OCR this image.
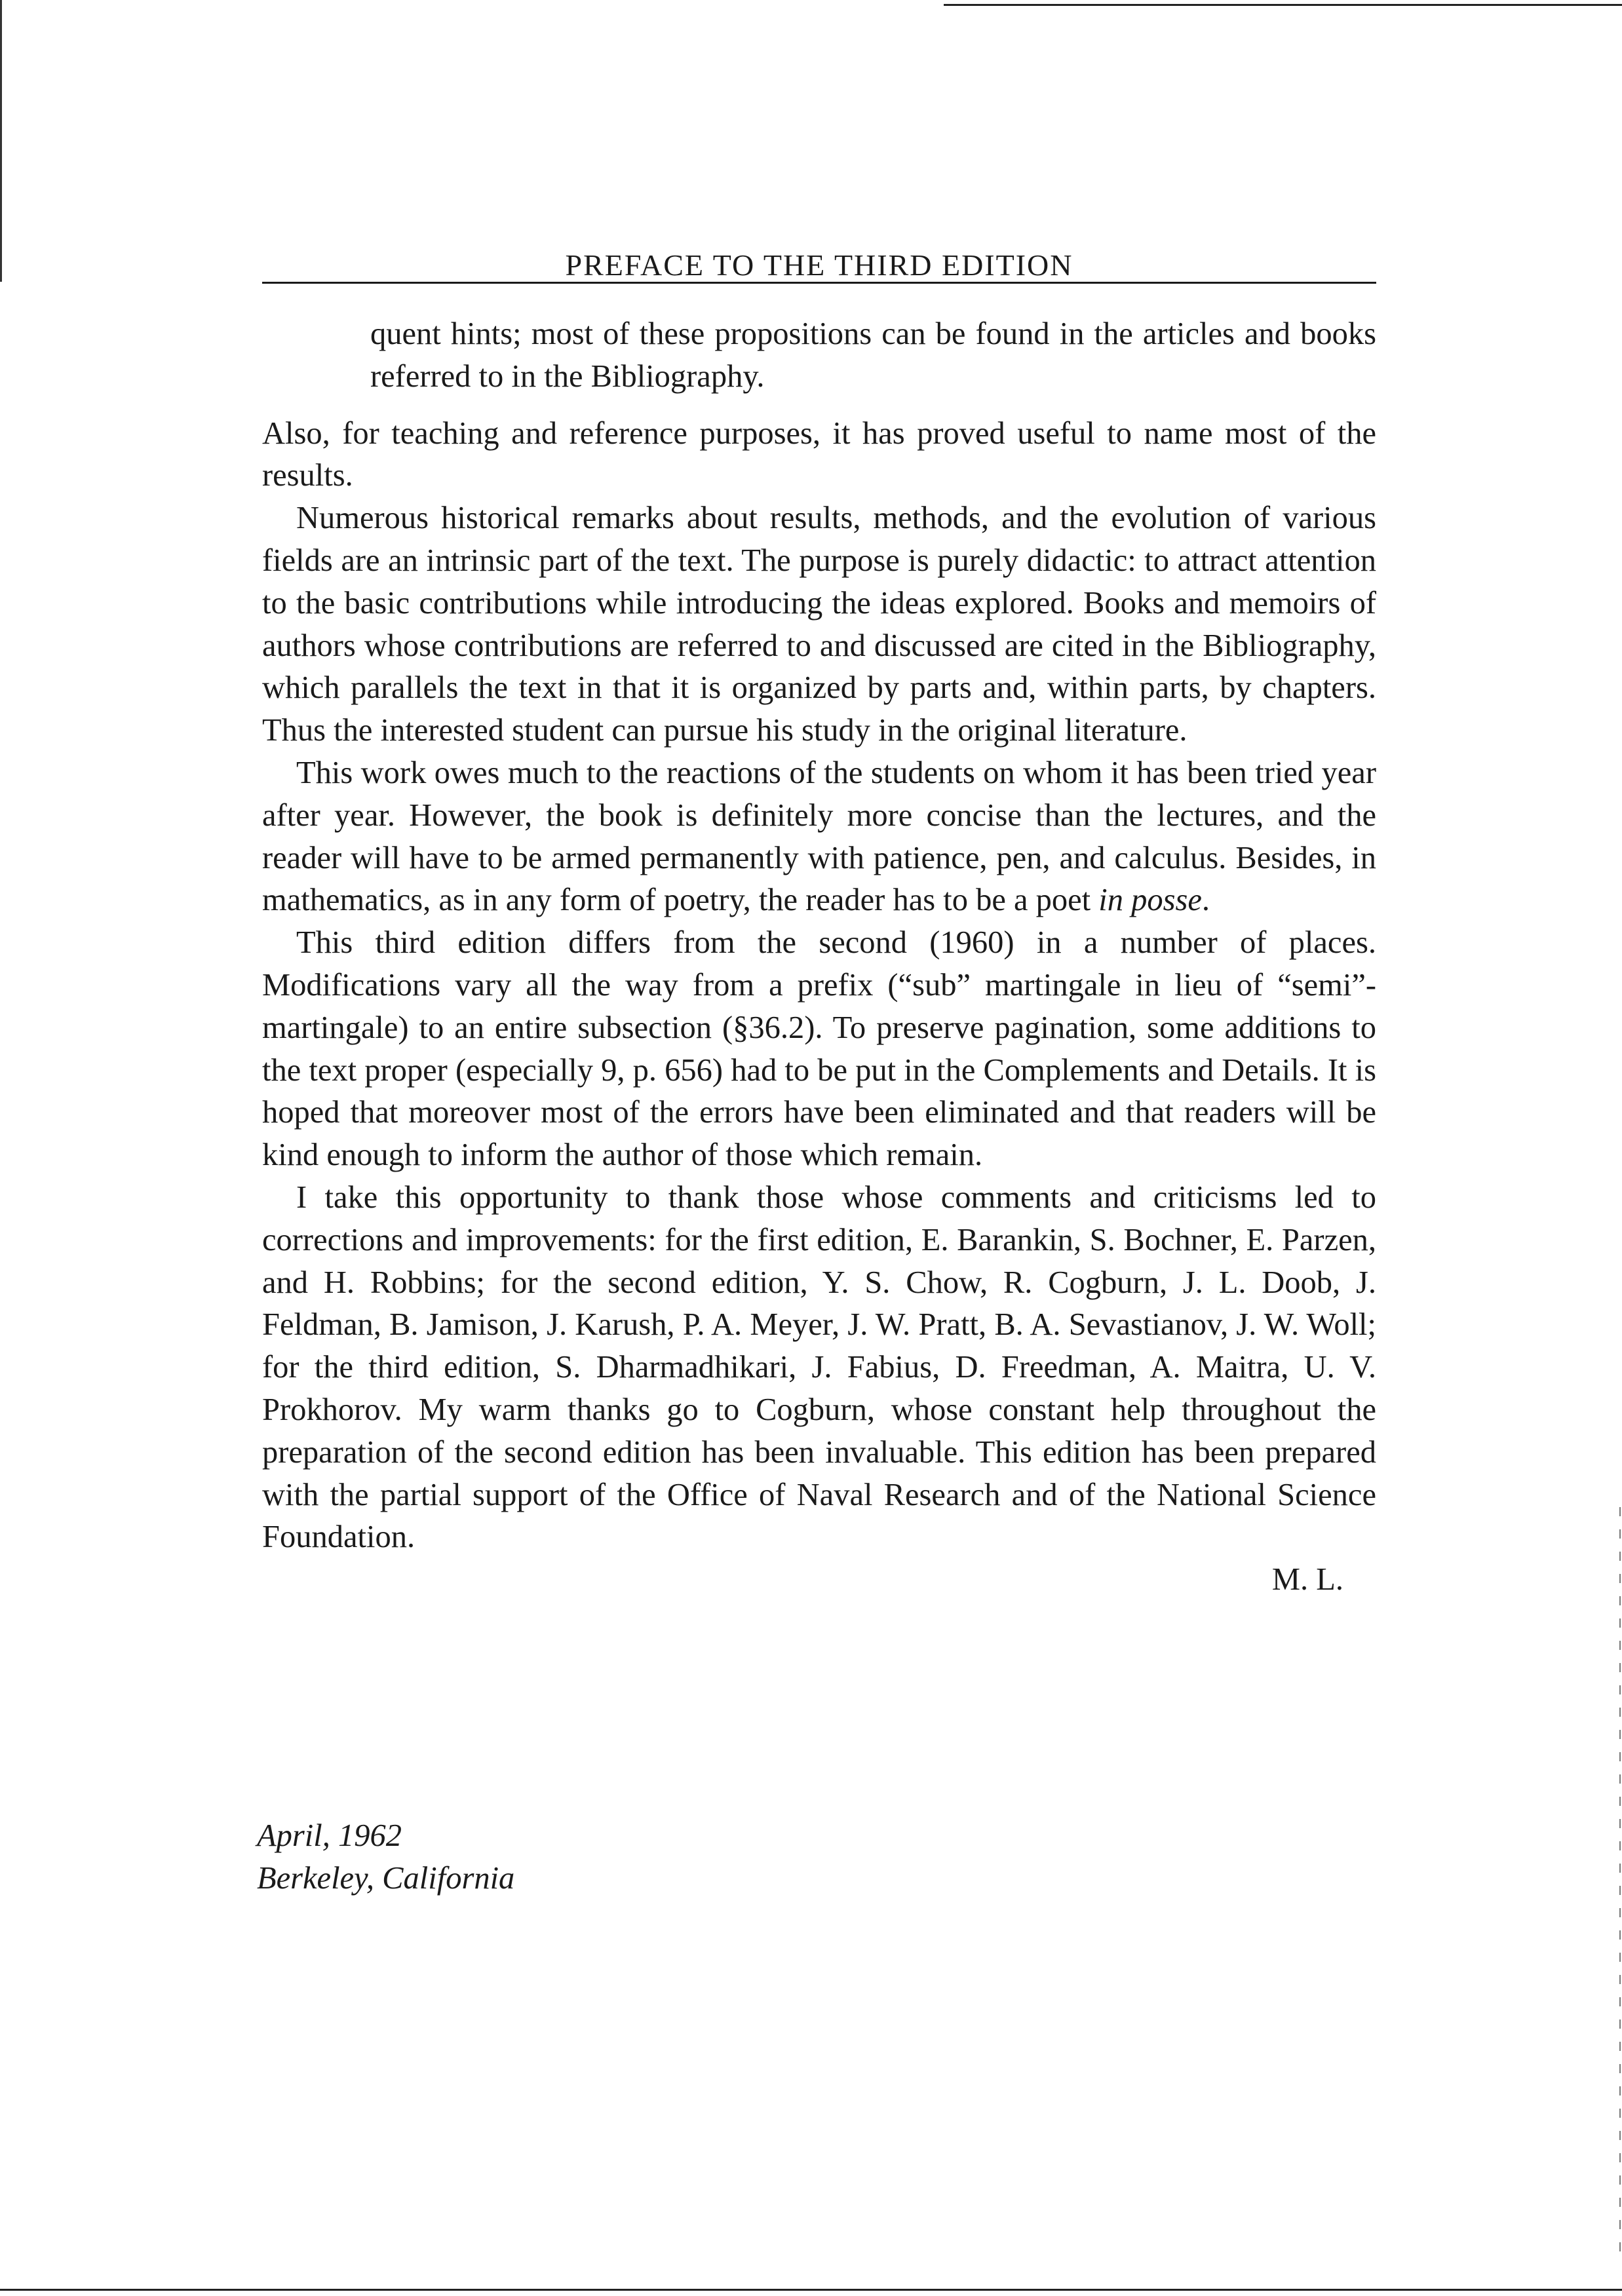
PREFACE TO THE THIRD EDITION

quent hints; most of these propositions can be found in the articles and books referred to in the Bibliography.

Also, for teaching and reference purposes, it has proved useful to name most of the results.

Numerous historical remarks about results, methods, and the evolution of various fields are an intrinsic part of the text. The purpose is purely didactic: to attract attention to the basic contributions while introducing the ideas explored. Books and memoirs of authors whose contributions are referred to and discussed are cited in the Bibliography, which parallels the text in that it is organized by parts and, within parts, by chapters. Thus the interested student can pursue his study in the original literature.

This work owes much to the reactions of the students on whom it has been tried year after year. However, the book is definitely more concise than the lectures, and the reader will have to be armed permanently with patience, pen, and calculus. Besides, in mathematics, as in any form of poetry, the reader has to be a poet in posse.

This third edition differs from the second (1960) in a number of places. Modifications vary all the way from a prefix (“sub” martingale in lieu of “semi”-martingale) to an entire subsection (§36.2). To preserve pagination, some additions to the text proper (especially 9, p. 656) had to be put in the Complements and Details. It is hoped that moreover most of the errors have been eliminated and that readers will be kind enough to inform the author of those which remain.

I take this opportunity to thank those whose comments and criticisms led to corrections and improvements: for the first edition, E. Barankin, S. Bochner, E. Parzen, and H. Robbins; for the second edition, Y. S. Chow, R. Cogburn, J. L. Doob, J. Feldman, B. Jamison, J. Karush, P. A. Meyer, J. W. Pratt, B. A. Sevastianov, J. W. Woll; for the third edition, S. Dharmadhikari, J. Fabius, D. Freedman, A. Maitra, U. V. Prokhorov. My warm thanks go to Cogburn, whose constant help throughout the preparation of the second edition has been invaluable. This edition has been prepared with the partial support of the Office of Naval Research and of the National Science Foundation.

M. L.

April, 1962
Berkeley, California
